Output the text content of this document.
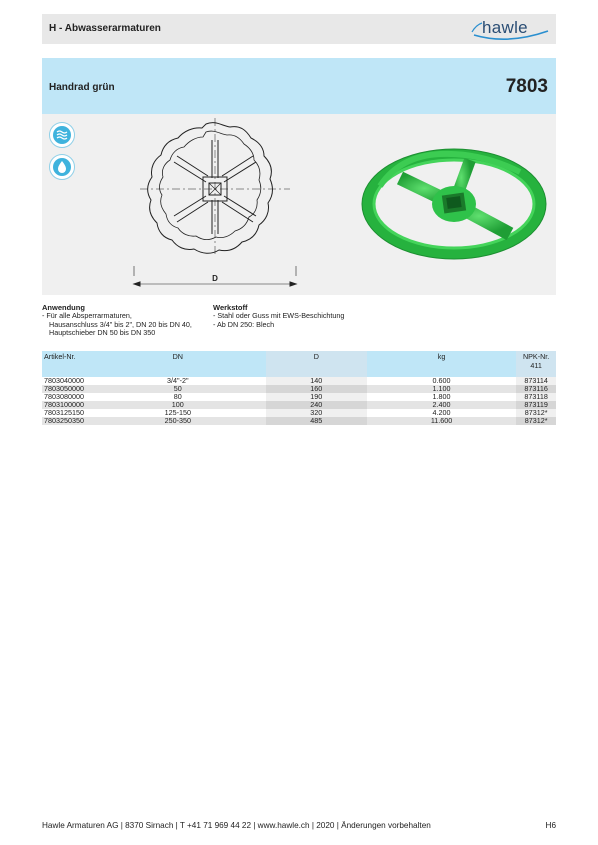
H - Abwasserarmaturen	hawle
Handrad grün	7803
D
Anwendung
- Für alle Absperrarmaturen,
Hausanschluss 3/4" bis 2", DN 20 bis DN 40,
Hauptschieber DN 50 bis DN 350
Werkstoff
- Stahl oder Guss mit EWS-Beschichtung
- Ab DN 250: Blech
Artikel-Nr.	DN	D	kg	NPK-Nr.
411

7803040000	3/4"-2"	140	0.600	873114
7803050000	50	160	1.100	873116
7803080000	80	190	1.800	873118
7803100000	100	240	2.400	873119
7803125150	125-150	320	4.200	87312*
7803250350	250-350	485	11.600	87312*
Hawle Armaturen AG | 8370 Sirnach | T +41 71 969 44 22 | www.hawle.ch | 2020 | Änderungen vorbehalten	H6
